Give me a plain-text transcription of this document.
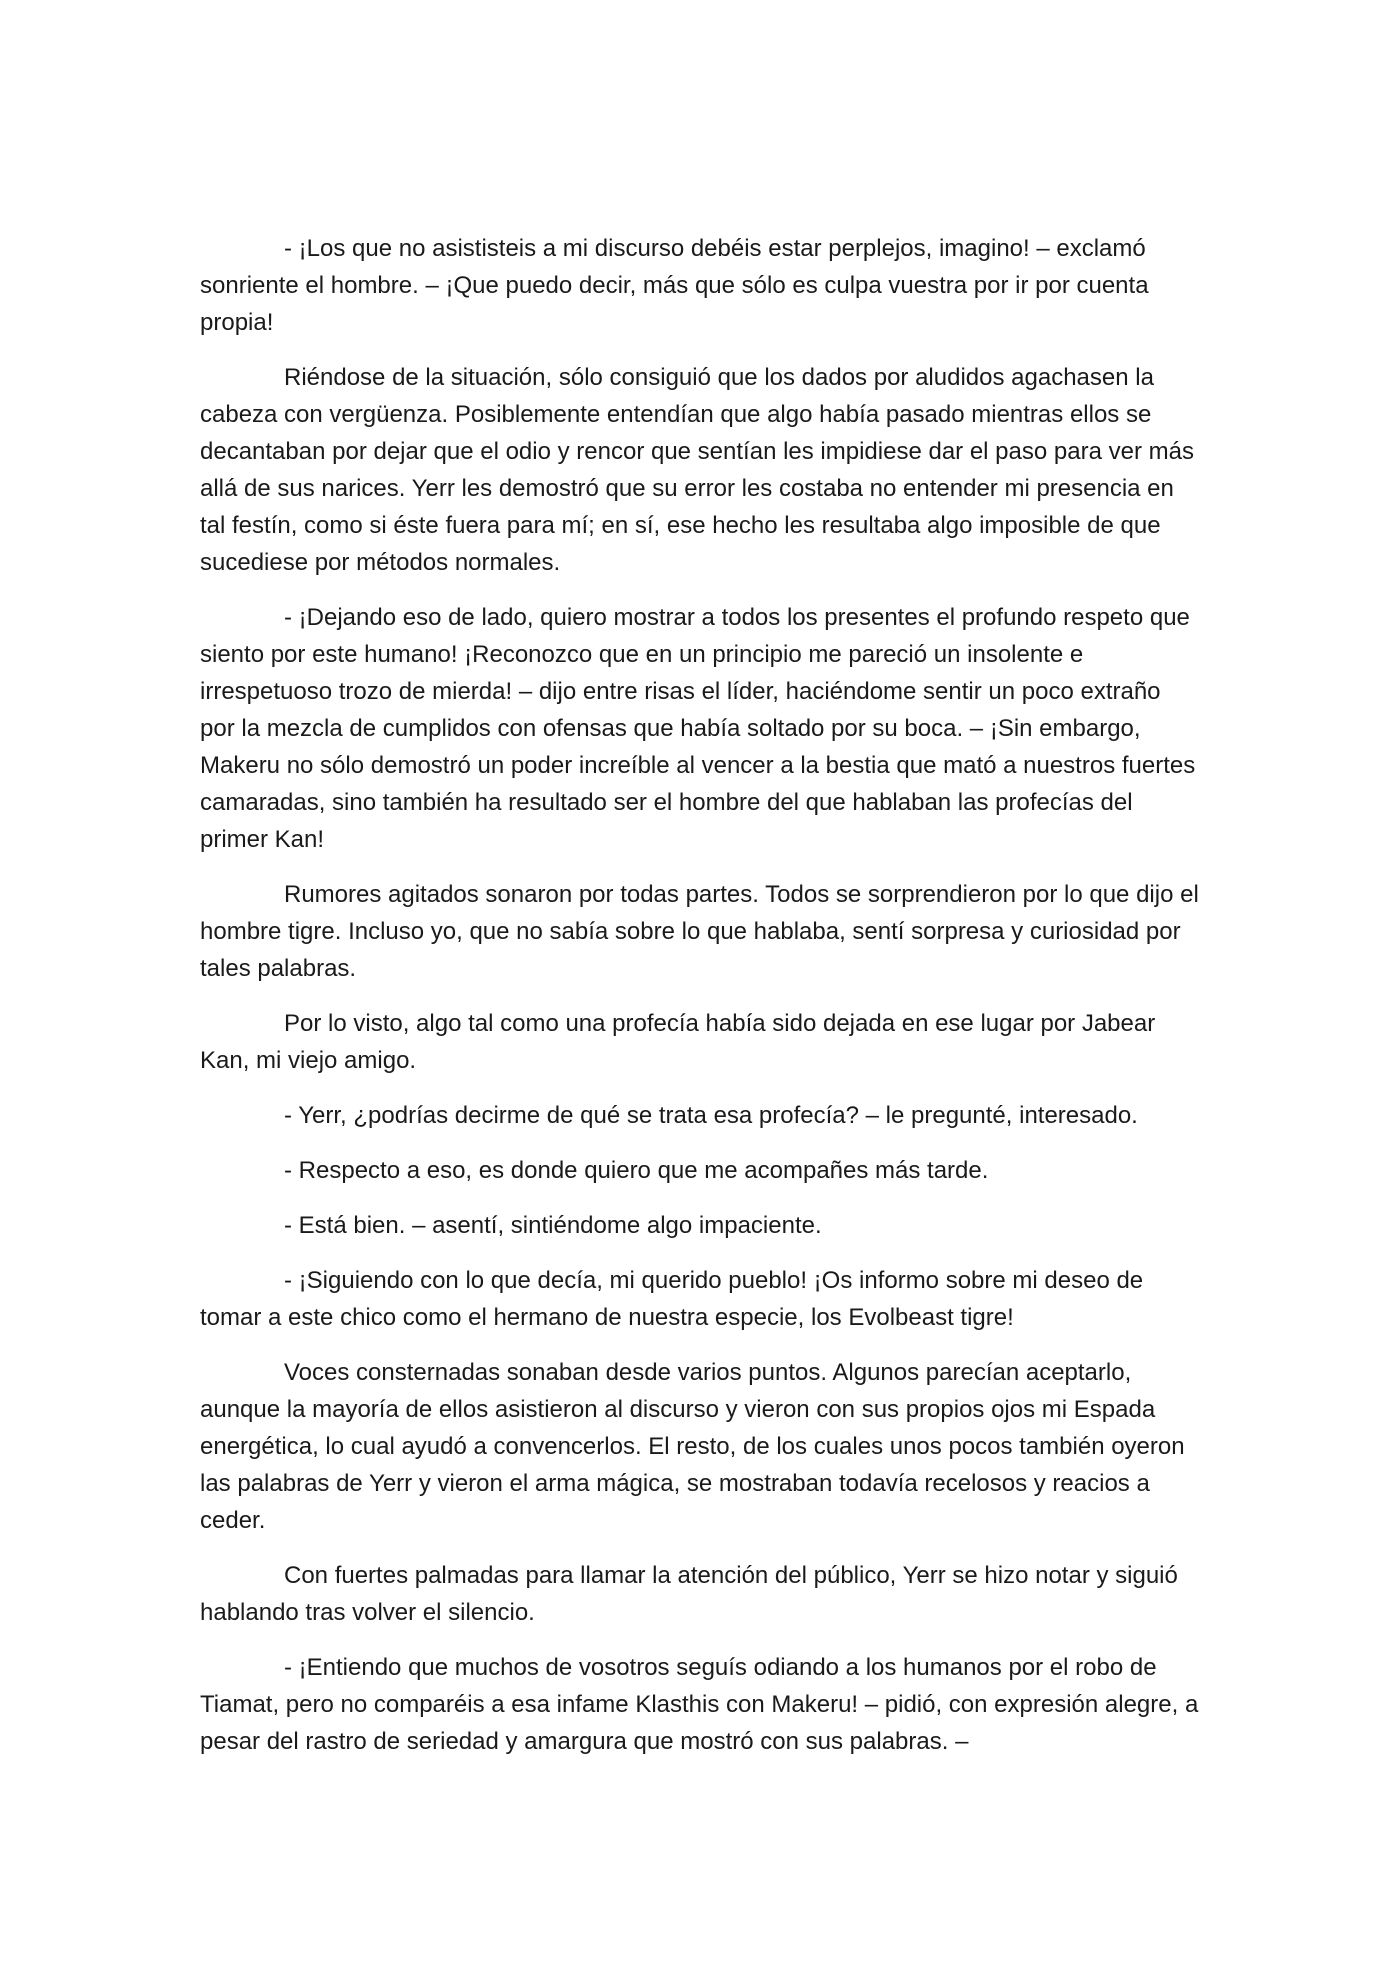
- ¡Los que no asististeis a mi discurso debéis estar perplejos, imagino! – exclamó sonriente el hombre. – ¡Que puedo decir, más que sólo es culpa vuestra por ir por cuenta propia!

Riéndose de la situación, sólo consiguió que los dados por aludidos agachasen la cabeza con vergüenza. Posiblemente entendían que algo había pasado mientras ellos se decantaban por dejar que el odio y rencor que sentían les impidiese dar el paso para ver más allá de sus narices. Yerr les demostró que su error les costaba no entender mi presencia en tal festín, como si éste fuera para mí; en sí, ese hecho les resultaba algo imposible de que sucediese por métodos normales.

- ¡Dejando eso de lado, quiero mostrar a todos los presentes el profundo respeto que siento por este humano! ¡Reconozco que en un principio me pareció un insolente e irrespetuoso trozo de mierda! – dijo entre risas el líder, haciéndome sentir un poco extraño por la mezcla de cumplidos con ofensas que había soltado por su boca. – ¡Sin embargo, Makeru no sólo demostró un poder increíble al vencer a la bestia que mató a nuestros fuertes camaradas, sino también ha resultado ser el hombre del que hablaban las profecías del primer Kan!

Rumores agitados sonaron por todas partes. Todos se sorprendieron por lo que dijo el hombre tigre. Incluso yo, que no sabía sobre lo que hablaba, sentí sorpresa y curiosidad por tales palabras.

Por lo visto, algo tal como una profecía había sido dejada en ese lugar por Jabear Kan, mi viejo amigo.

- Yerr, ¿podrías decirme de qué se trata esa profecía? – le pregunté, interesado.

- Respecto a eso, es donde quiero que me acompañes más tarde.

- Está bien. – asentí, sintiéndome algo impaciente.

- ¡Siguiendo con lo que decía, mi querido pueblo! ¡Os informo sobre mi deseo de tomar a este chico como el hermano de nuestra especie, los Evolbeast tigre!

Voces consternadas sonaban desde varios puntos. Algunos parecían aceptarlo, aunque la mayoría de ellos asistieron al discurso y vieron con sus propios ojos mi Espada energética, lo cual ayudó a convencerlos. El resto, de los cuales unos pocos también oyeron las palabras de Yerr y vieron el arma mágica, se mostraban todavía recelosos y reacios a ceder.

Con fuertes palmadas para llamar la atención del público, Yerr se hizo notar y siguió hablando tras volver el silencio.

- ¡Entiendo que muchos de vosotros seguís odiando a los humanos por el robo de Tiamat, pero no comparéis a esa infame Klasthis con Makeru! – pidió, con expresión alegre, a pesar del rastro de seriedad y amargura que mostró con sus palabras. –
